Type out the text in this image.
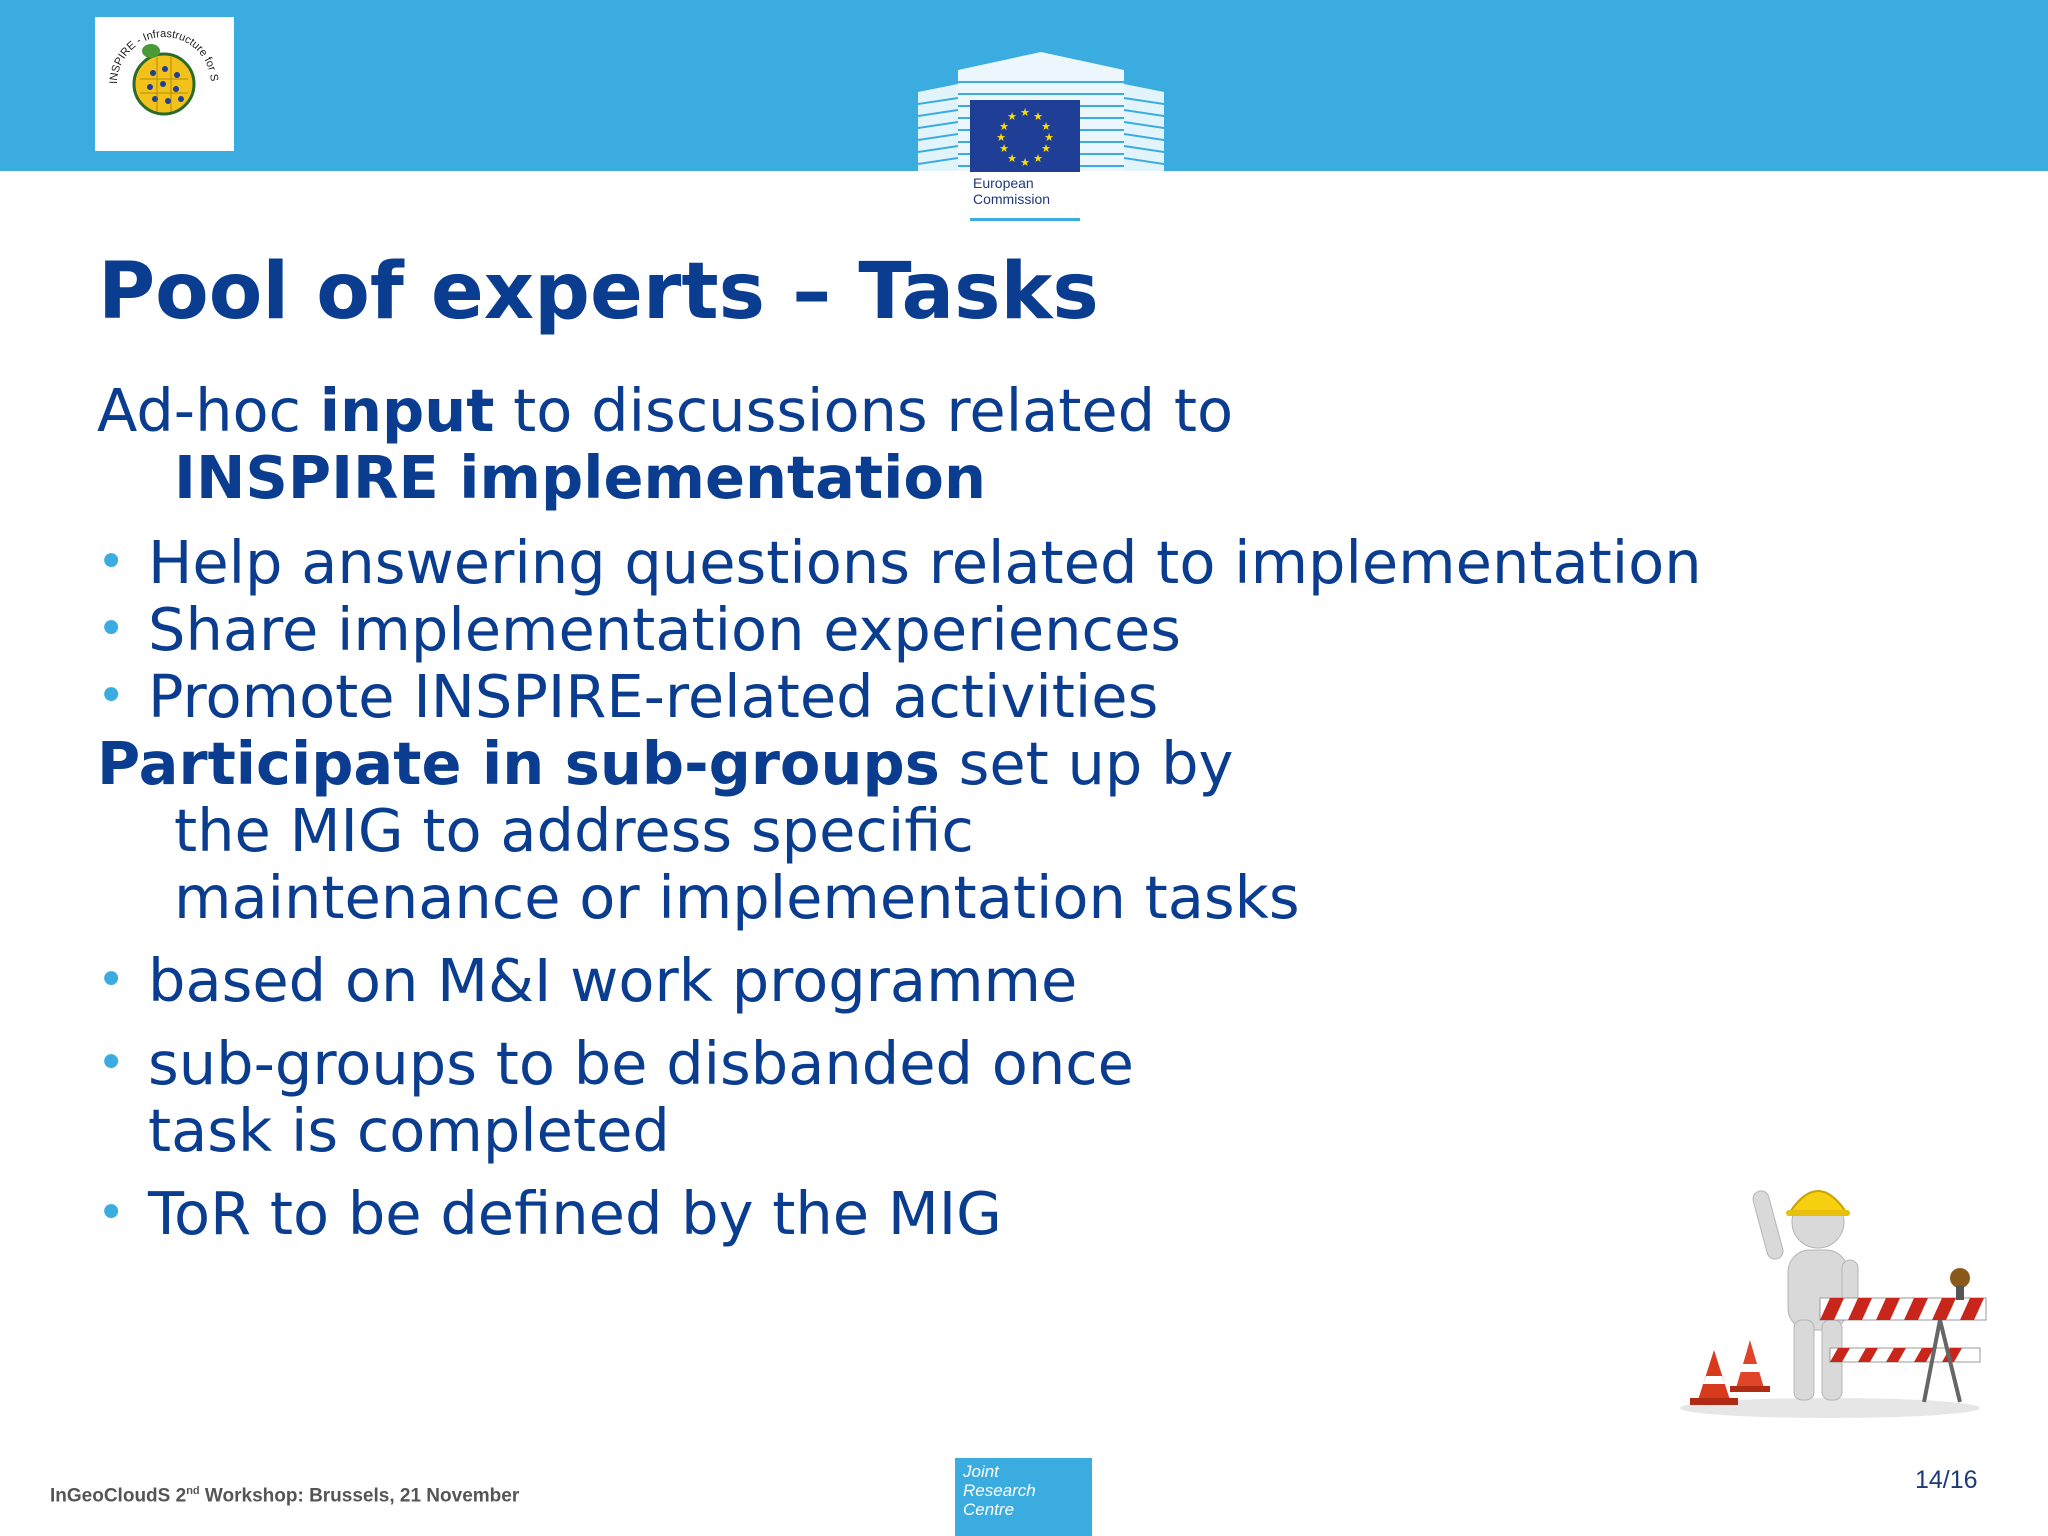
INSPIRE - Infrastructure for S
★ ★
★
★
★
★
★
★
★
★
★
★
European
Commission
Pool of experts – Tasks

Ad-hoc input to discussions related to
INSPIRE implementation

• Help answering questions related to implementation

• Share implementation experiences

• Promote INSPIRE-related activities

Participate in sub-groups set up by
the MIG to address specific
maintenance or implementation tasks

• based on M&I work programme

• sub-groups to be disbanded once
task is completed

• ToR to be defined by the MIG

InGeoCloudS 2nd Workshop: Brussels, 21 November
Joint
Research
Centre
14/16
